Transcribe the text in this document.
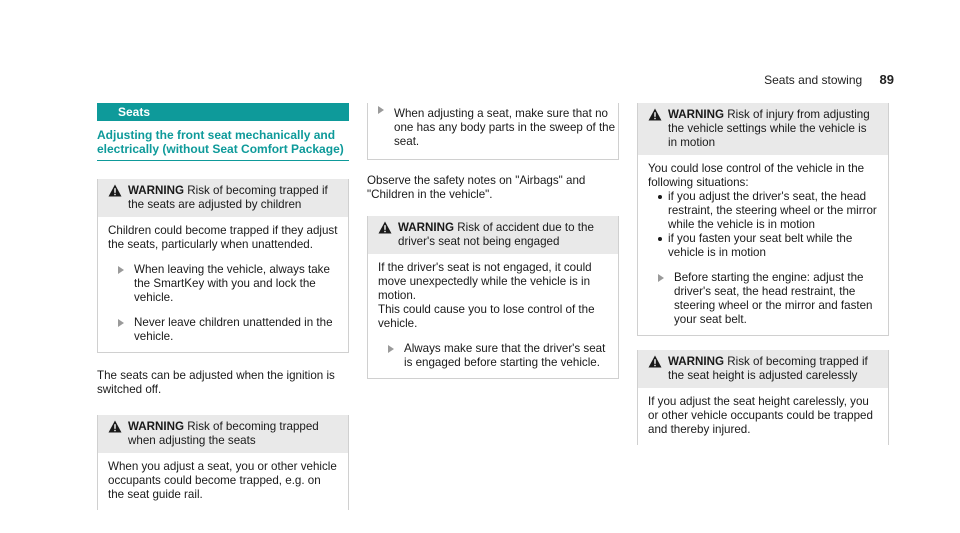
Seats and stowing 89
Seats
Adjusting the front seat mechanically and electrically (without Seat Comfort Package)
WARNING Risk of becoming trapped if the seats are adjusted by children
Children could become trapped if they adjust the seats, particularly when unattended.
When leaving the vehicle, always take the SmartKey with you and lock the vehicle.
Never leave children unattended in the vehicle.
The seats can be adjusted when the ignition is switched off.
WARNING Risk of becoming trapped when adjusting the seats
When you adjust a seat, you or other vehicle occupants could become trapped, e.g. on the seat guide rail.
When adjusting a seat, make sure that no one has any body parts in the sweep of the seat.
Observe the safety notes on "Airbags" and "Children in the vehicle".
WARNING Risk of accident due to the driver's seat not being engaged
If the driver's seat is not engaged, it could move unexpectedly while the vehicle is in motion.
This could cause you to lose control of the vehicle.
Always make sure that the driver's seat is engaged before starting the vehicle.
WARNING Risk of injury from adjusting the vehicle settings while the vehicle is in motion
You could lose control of the vehicle in the following situations:
if you adjust the driver's seat, the head restraint, the steering wheel or the mirror while the vehicle is in motion
if you fasten your seat belt while the vehicle is in motion
Before starting the engine: adjust the driver's seat, the head restraint, the steering wheel or the mirror and fasten your seat belt.
WARNING Risk of becoming trapped if the seat height is adjusted carelessly
If you adjust the seat height carelessly, you or other vehicle occupants could be trapped and thereby injured.
